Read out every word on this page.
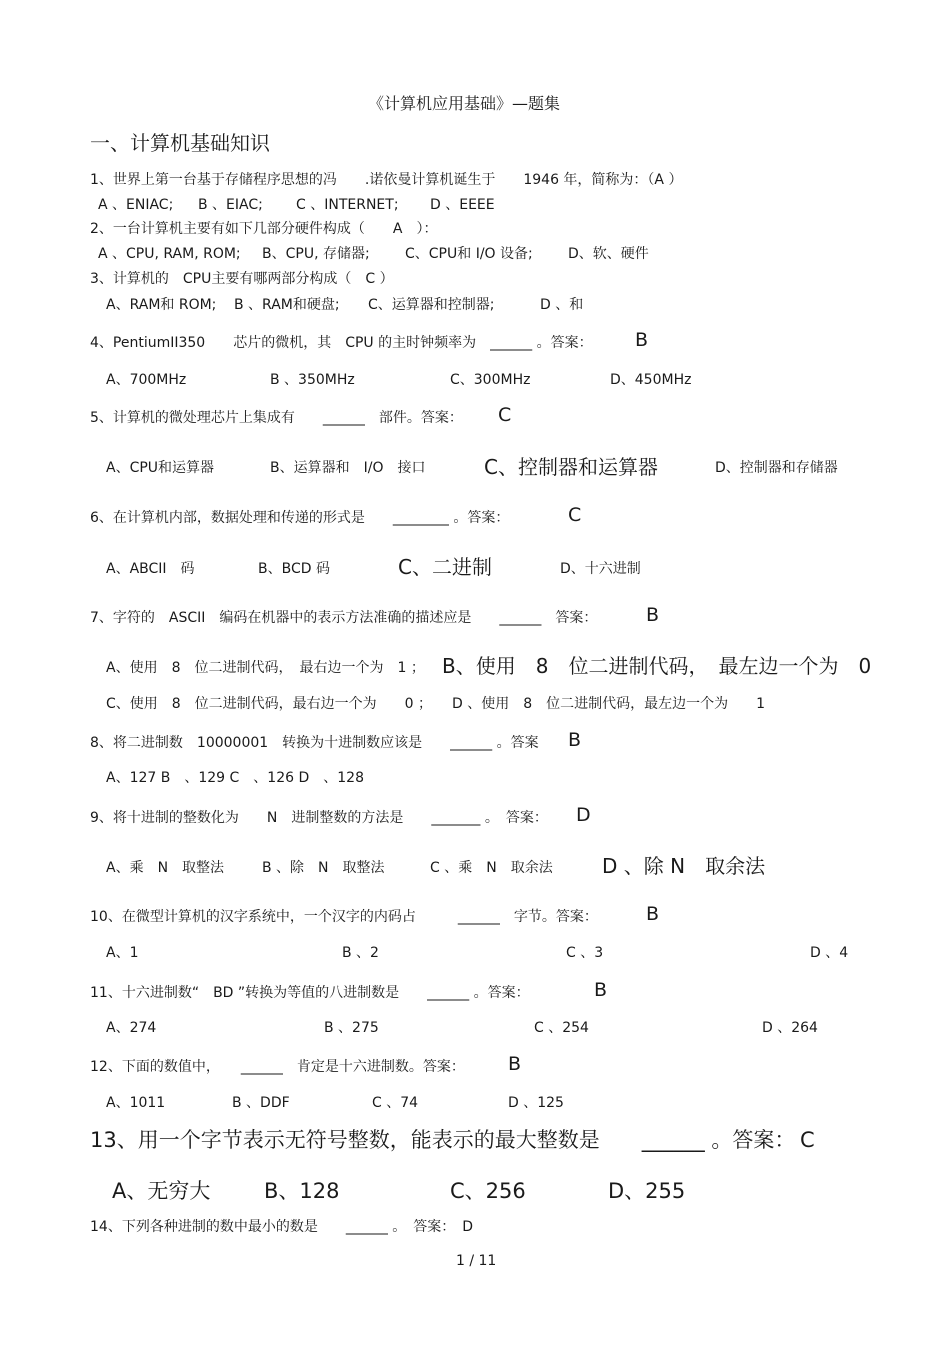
《计算机应用基础》—题集
一、计算机基础知识
1、世界上第一台基于存储程序思想的冯　　.诺依曼计算机诞生于　　1946 年，简称为：（A ）
A 、ENIAC; B 、EIAC; C 、INTERNET; D 、EEEE
2、一台计算机主要有如下几部分硬件构成（　　A　）：
A 、CPU, RAM, ROM; B、CPU, 存储器;	C、CPU和 I/O 设备;	D、软、硬件
3、计算机的　CPU主要有哪两部分构成（　C ）
A、RAM和 ROM; B 、RAM和硬盘; C、运算器和控制器;	D 、和
4、PentiumII350　　芯片的微机，其　CPU 的主时钟频率为　______ 。答案： B
A、700MHz	B 、350MHz	C、300MHz	D、450MHz
5、计算机的微处理芯片上集成有　　______　部件。答案： C
A、CPU和运算器	B、运算器和　I/O　接口	C、控制器和运算器	D、控制器和存储器
6、在计算机内部，数据处理和传递的形式是　　________ 。答案：	C
A、ABCII　码	B、BCD 码	C、二进制	D、十六进制
7、字符的　ASCII　编码在机器中的表示方法准确的描述应是　　______　答案：	B
A、使用　8　位二进制代码，　最右边一个为　1 ； B、使用　8　位二进制代码，　最左边一个为　0
C、使用　8　位二进制代码，最右边一个为　　0 ； D 、使用　8　位二进制代码，最左边一个为　　1
8、将二进制数　10000001　转换为十进制数应该是　　______ 。答案 B
A、127 B　、129 C　、126 D　、128
9、将十进制的整数化为　　N　进制整数的方法是　　_______ 。　答案： D
A、乘　N　取整法	B 、除　N　取整法	C 、乘　N　取余法 D 、除 N　取余法
10、在微型计算机的汉字系统中，一个汉字的内码占　　　______　字节。答案：	B
A、1	B 、2	C 、3	D 、4
11、十六进制数“　BD ”转换为等值的八进制数是　　______ 。答案：	B
A、274	B 、275	C 、254	D 、264
12、下面的数值中，　　______　肯定是十六进制数。答案： B
A、1011	B 、DDF	C 、74	D 、125
13、用一个字节表示无符号整数，能表示的最大整数是　　______ 。答案： C
A、无穷大	B、128	C、256	D、255
14、下列各种进制的数中最小的数是　　______ 。　答案：　D
1 / 11
